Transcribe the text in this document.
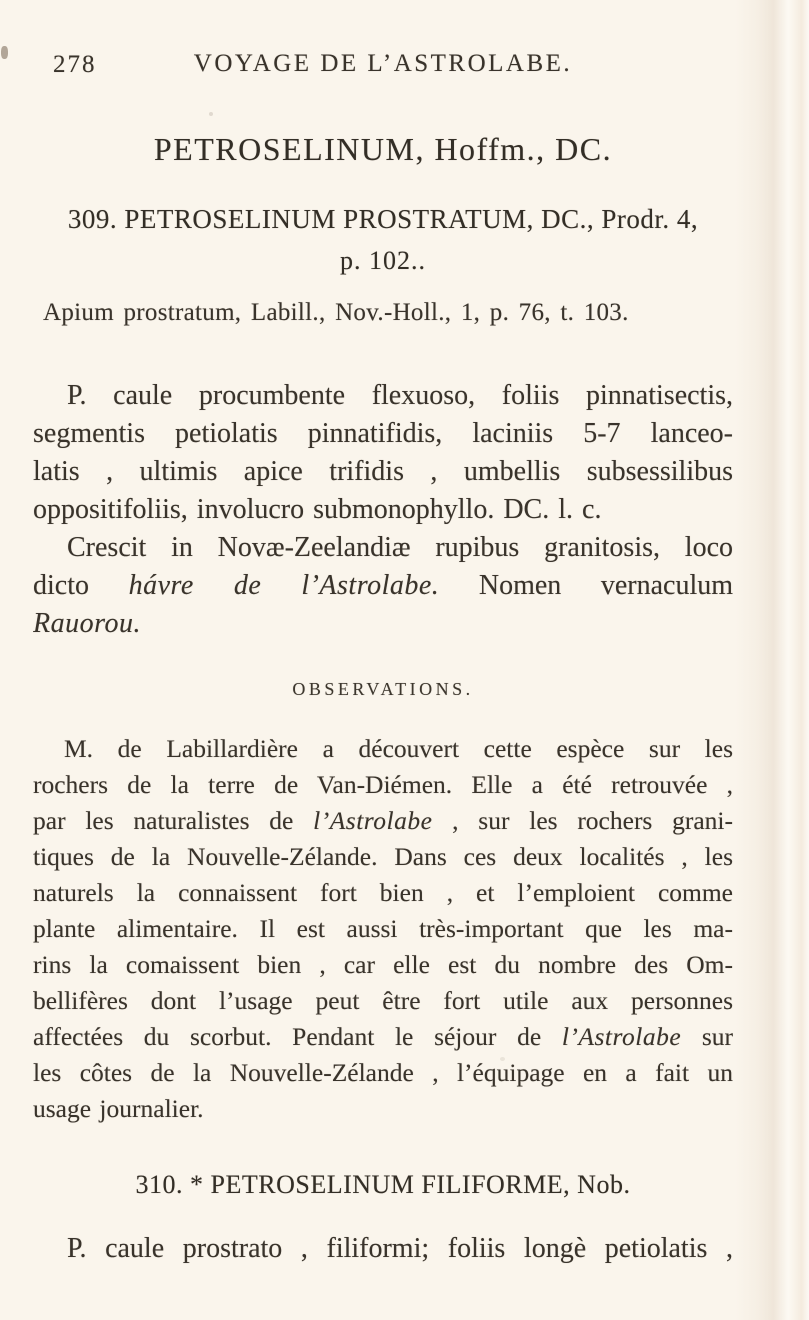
278	VOYAGE DE L’ASTROLABE.
PETROSELINUM, Hoffm., DC.
309. PETROSELINUM PROSTRATUM, DC., Prodr. 4,
p. 102..
Apium prostratum, Labill., Nov.-Holl., 1, p. 76, t. 103.
P. caule procumbente flexuoso, foliis pinnatisectis,
segmentis petiolatis pinnatifidis, laciniis 5-7 lanceo-
latis , ultimis apice trifidis , umbellis subsessilibus
oppositifoliis, involucro submonophyllo. DC. l. c.
Crescit in Novæ-Zeelandiæ rupibus granitosis, loco
dicto hávre de l’Astrolabe. Nomen vernaculum
Rauorou.
OBSERVATIONS.
M. de Labillardière a découvert cette espèce sur les
rochers de la terre de Van-Diémen. Elle a été retrouvée ,
par les naturalistes de l’Astrolabe , sur les rochers grani-
tiques de la Nouvelle-Zélande. Dans ces deux localités , les
naturels la connaissent fort bien , et l’emploient comme
plante alimentaire. Il est aussi très-important que les ma-
rins la comaissent bien , car elle est du nombre des Om-
bellifères dont l’usage peut être fort utile aux personnes
affectées du scorbut. Pendant le séjour de l’Astrolabe sur
les côtes de la Nouvelle-Zélande , l’équipage en a fait un
usage journalier.
310. * PETROSELINUM FILIFORME, Nob.
P. caule prostrato , filiformi; foliis longè petiolatis ,
